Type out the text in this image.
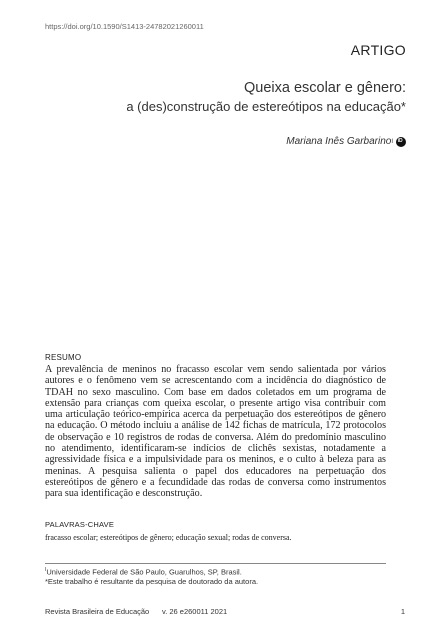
https://doi.org/10.1590/S1413-24782021260011
ARTIGO
Queixa escolar e gênero:
a (des)construção de estereótipos na educação*
Mariana Inês Garbarino I
iD
RESUMO

A prevalência de meninos no fracasso escolar vem sendo salientada por vários autores e o fenômeno vem se acrescentando com a incidência do diagnóstico de TDAH no sexo masculino. Com base em dados coletados em um programa de extensão para crianças com queixa escolar, o presente artigo visa contribuir com uma articulação teórico-empírica acerca da perpetuação dos estereótipos de gênero na educação. O método incluiu a análise de 142 fichas de matrícula, 172 protocolos de observação e 10 registros de rodas de conversa. Além do predomínio masculino no atendimento, identificaram-se indícios de clichês sexistas, notadamente a agressividade física e a impulsividade para os meninos, e o culto à beleza para as meninas. A pesquisa salienta o papel dos educadores na perpetuação dos estereótipos de gênero e a fecundidade das rodas de conversa como instrumentos para sua identificação e desconstrução.

PALAVRAS-CHAVE
fracasso escolar; estereótipos de gênero; educação sexual; rodas de conversa.
$^I$Universidade Federal de São Paulo, Guarulhos, SP, Brasil.
*Este trabalho é resultante da pesquisa de doutorado da autora.
Revista Brasileira de Educação v. 26 e260011 2021	1
